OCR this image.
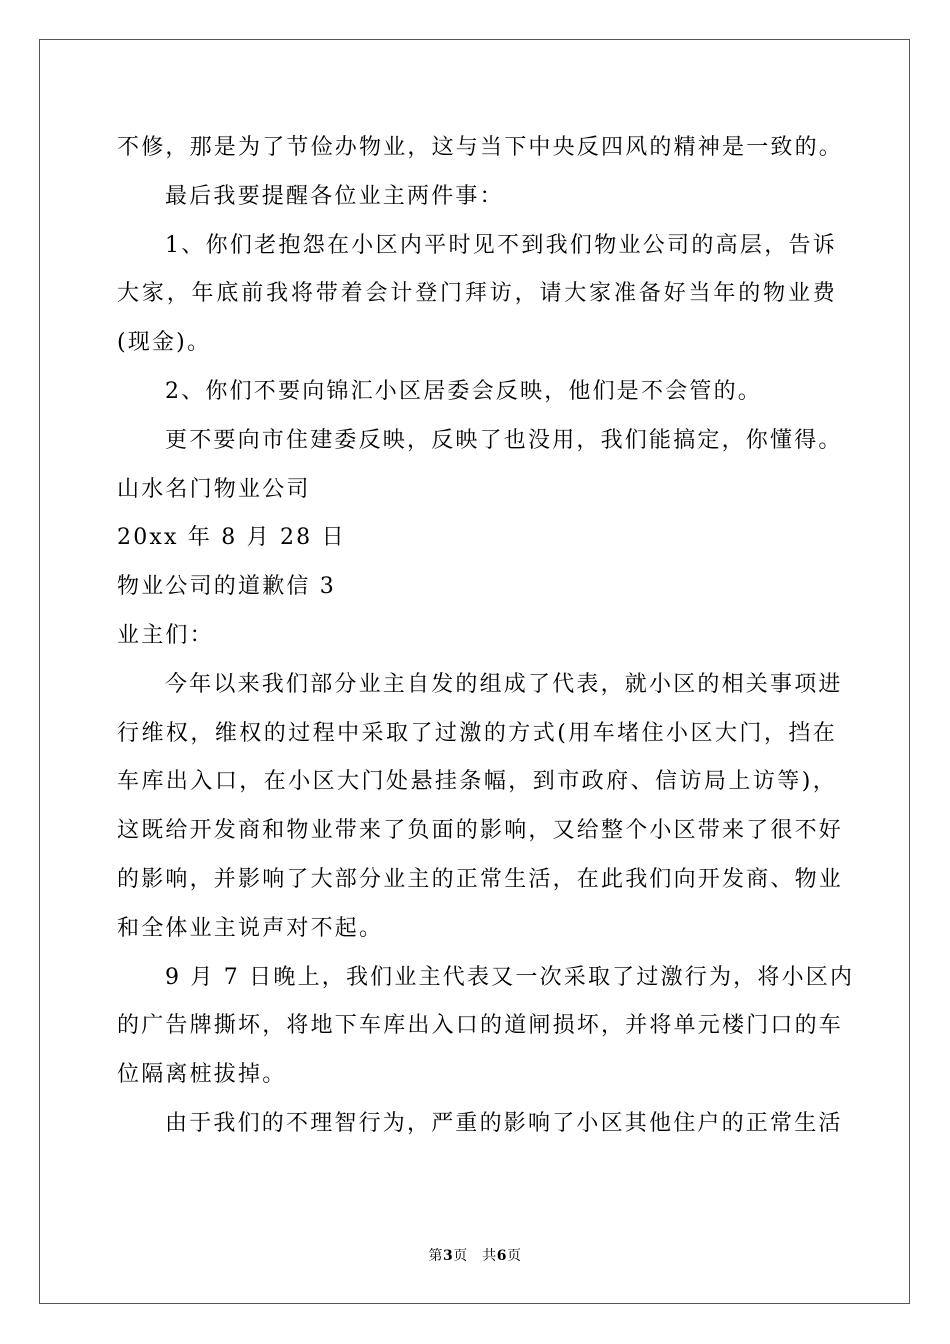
不修，那是为了节俭办物业，这与当下中央反四风的精神是一致的。
最后我要提醒各位业主两件事：
1、你们老抱怨在小区内平时见不到我们物业公司的高层，告诉
大家，年底前我将带着会计登门拜访，请大家准备好当年的物业费
(现金)。
2、你们不要向锦汇小区居委会反映，他们是不会管的。
更不要向市住建委反映，反映了也没用，我们能搞定，你懂得。
山水名门物业公司
20xx 年 8 月 28 日
物业公司的道歉信 3
业主们：
今年以来我们部分业主自发的组成了代表，就小区的相关事项进
行维权，维权的过程中采取了过激的方式(用车堵住小区大门，挡在
车库出入口，在小区大门处悬挂条幅，到市政府、信访局上访等)，
这既给开发商和物业带来了负面的影响，又给整个小区带来了很不好
的影响，并影响了大部分业主的正常生活，在此我们向开发商、物业
和全体业主说声对不起。
9 月 7 日晚上，我们业主代表又一次采取了过激行为，将小区内
的广告牌撕坏，将地下车库出入口的道闸损坏，并将单元楼门口的车
位隔离桩拔掉。
由于我们的不理智行为，严重的影响了小区其他住户的正常生活
第3页　共6页
